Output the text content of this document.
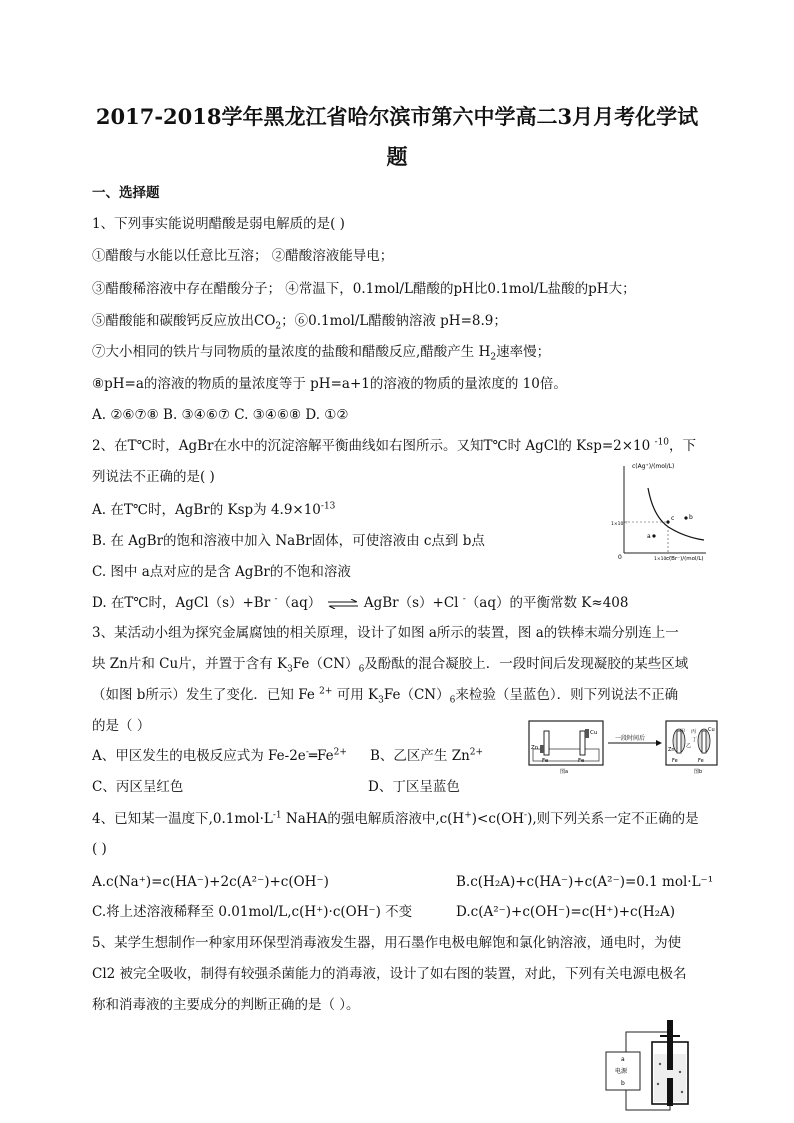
2017-2018学年黑龙江省哈尔滨市第六中学高二3月月考化学试
题
一、选择题
1、下列事实能说明醋酸是弱电解质的是( )
①醋酸与水能以任意比互溶； ②醋酸溶液能导电；
③醋酸稀溶液中存在醋酸分子； ④常温下，0.1mol/L醋酸的pH比0.1mol/L盐酸的pH大；
⑤醋酸能和碳酸钙反应放出$CO_2$；⑥0.1mol/L醋酸钠溶液 pH=8.9；
⑦大小相同的铁片与同物质的量浓度的盐酸和醋酸反应,醋酸产生 $H_2$速率慢；
⑧pH=a的溶液的物质的量浓度等于 pH=a+1的溶液的物质的量浓度的 10倍。
A. ②⑥⑦⑧ B. ③④⑥⑦ C. ③④⑥⑧ D. ①②
2、在T℃时，AgBr在水中的沉淀溶解平衡曲线如右图所示。又知T℃时 AgCl的 Ksp=2×10 $^{-10}$，下
列说法不正确的是( )
A. 在T℃时，AgBr的 Ksp为 $4.9\times 10^{-13}$
B. 在 AgBr的饱和溶液中加入 NaBr固体，可使溶液由 c点到 b点
C. 图中 a点对应的是含 AgBr的不饱和溶液
D. 在T℃时，AgCl（s）+Br -（aq） ⇌ AgBr（s）+Cl -（aq）的平衡常数 K≈408
c(Ag⁺)/(mol/L)
c(Br⁻)/(mol/L)
0
1×10⁻⁷
1×10⁻⁷
c b
a
3、某活动小组为探究金属腐蚀的相关原理，设计了如图 a所示的装置，图 a的铁棒末端分别连上一
块 Zn片和 Cu片，并置于含有 $K_3Fe(CN)_6$及酚酞的混合凝胶上．一段时间后发现凝胶的某些区域
（如图 b所示）发生了变化．已知 Fe $^{2+}$ 可用 $K_3Fe(CN)_6$来检验（呈蓝色）．则下列说法不正确
的是（ ）
A、甲区发生的电极反应式为 $Fe-2e^-═Fe^{2+}$ B、乙区产生 $Zn^{2+}$
C、丙区呈红色	D、丁区呈蓝色
Zn
Fe
Cu
Fe
图a
一段时间后
Zn
甲
乙
丙
丁
Cu
Fe	Fe
图b
4、已知某一温度下$,0.1mol\cdot L^{-1}$ NaHA的强电解质溶液中,c(H+)<c(OH-),则下列关系一定不正确的是
( )
A.c(Na⁺)=c(HA⁻)+2c(A²⁻)+c(OH⁻)	B.c(H₂A)+c(HA⁻)+c(A²⁻)=0.1 mol·L⁻¹
C.将上述溶液稀释至 0.01mol/L,c(H⁺)·c(OH⁻) 不变	D.c(A²⁻)+c(OH⁻)=c(H⁺)+c(H₂A)
5、某学生想制作一种家用环保型消毒液发生器，用石墨作电极电解饱和氯化钠溶液，通电时，为使
Cl2 被完全吸收，制得有较强杀菌能力的消毒液，设计了如右图的装置，对此，下列有关电源电极名
称和消毒液的主要成分的判断正确的是（ ）。
a
电源
b
